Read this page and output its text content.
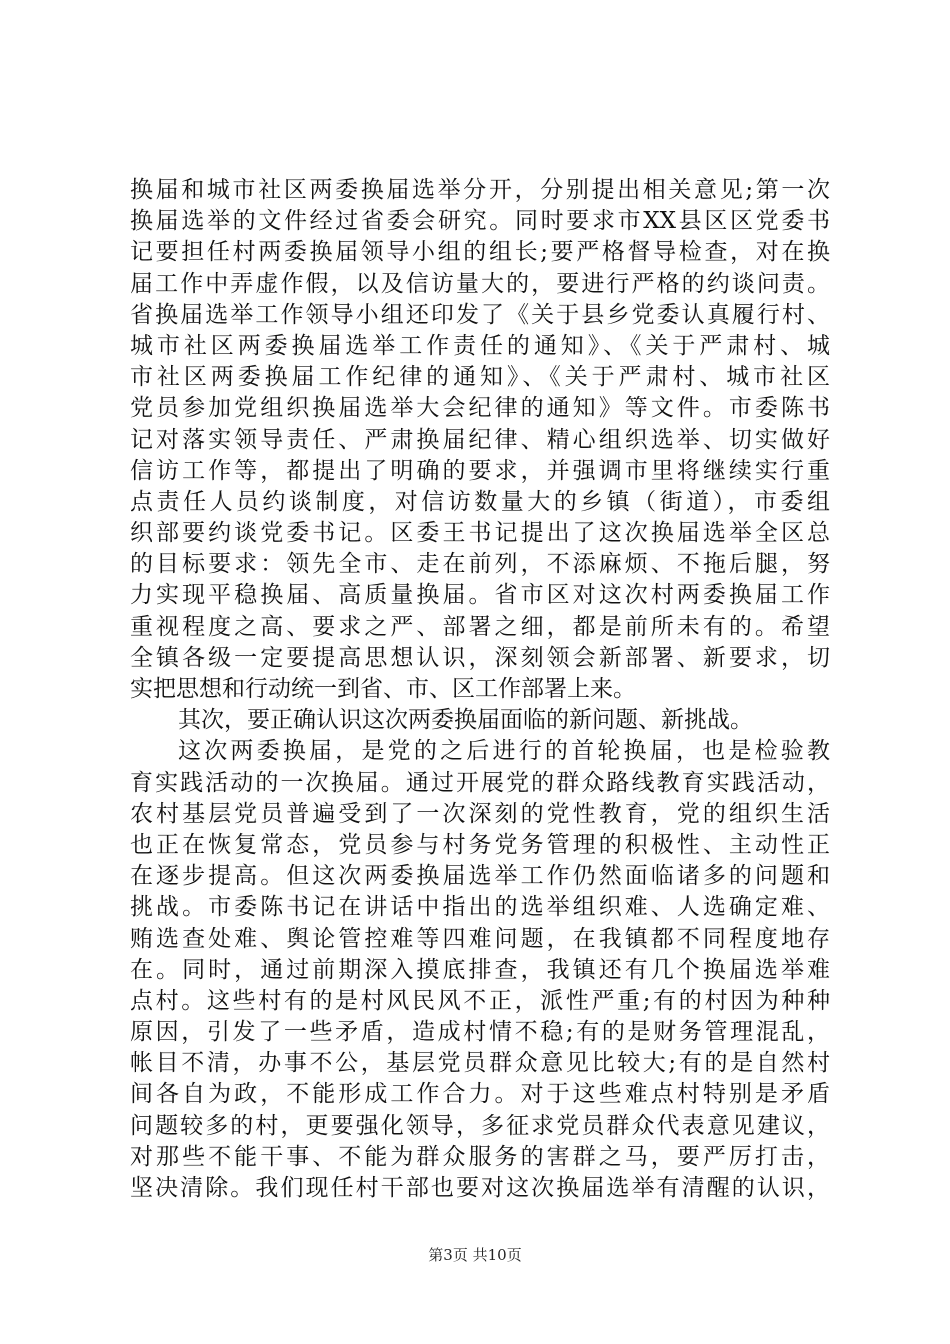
换届和城市社区两委换届选举分开，分别提出相关意见;第一次
换届选举的文件经过省委会研究。同时要求市XX县区区党委书
记要担任村两委换届领导小组的组长;要严格督导检查，对在换
届工作中弄虚作假，以及信访量大的，要进行严格的约谈问责。
省换届选举工作领导小组还印发了《关于县乡党委认真履行村、
城市社区两委换届选举工作责任的通知》、《关于严肃村、城
市社区两委换届工作纪律的通知》、《关于严肃村、城市社区
党员参加党组织换届选举大会纪律的通知》等文件。市委陈书
记对落实领导责任、严肃换届纪律、精心组织选举、切实做好
信访工作等，都提出了明确的要求，并强调市里将继续实行重
点责任人员约谈制度，对信访数量大的乡镇（街道），市委组
织部要约谈党委书记。区委王书记提出了这次换届选举全区总
的目标要求：领先全市、走在前列，不添麻烦、不拖后腿，努
力实现平稳换届、高质量换届。省市区对这次村两委换届工作
重视程度之高、要求之严、部署之细，都是前所未有的。希望
全镇各级一定要提高思想认识，深刻领会新部署、新要求，切
实把思想和行动统一到省、市、区工作部署上来。
其次，要正确认识这次两委换届面临的新问题、新挑战。
这次两委换届，是党的之后进行的首轮换届，也是检验教
育实践活动的一次换届。通过开展党的群众路线教育实践活动，
农村基层党员普遍受到了一次深刻的党性教育，党的组织生活
也正在恢复常态，党员参与村务党务管理的积极性、主动性正
在逐步提高。但这次两委换届选举工作仍然面临诸多的问题和
挑战。市委陈书记在讲话中指出的选举组织难、人选确定难、
贿选查处难、舆论管控难等四难问题，在我镇都不同程度地存
在。同时，通过前期深入摸底排查，我镇还有几个换届选举难
点村。这些村有的是村风民风不正，派性严重;有的村因为种种
原因，引发了一些矛盾，造成村情不稳;有的是财务管理混乱，
帐目不清，办事不公，基层党员群众意见比较大;有的是自然村
间各自为政，不能形成工作合力。对于这些难点村特别是矛盾
问题较多的村，更要强化领导，多征求党员群众代表意见建议，
对那些不能干事、不能为群众服务的害群之马，要严厉打击，
坚决清除。我们现任村干部也要对这次换届选举有清醒的认识，
第3页 共10页
